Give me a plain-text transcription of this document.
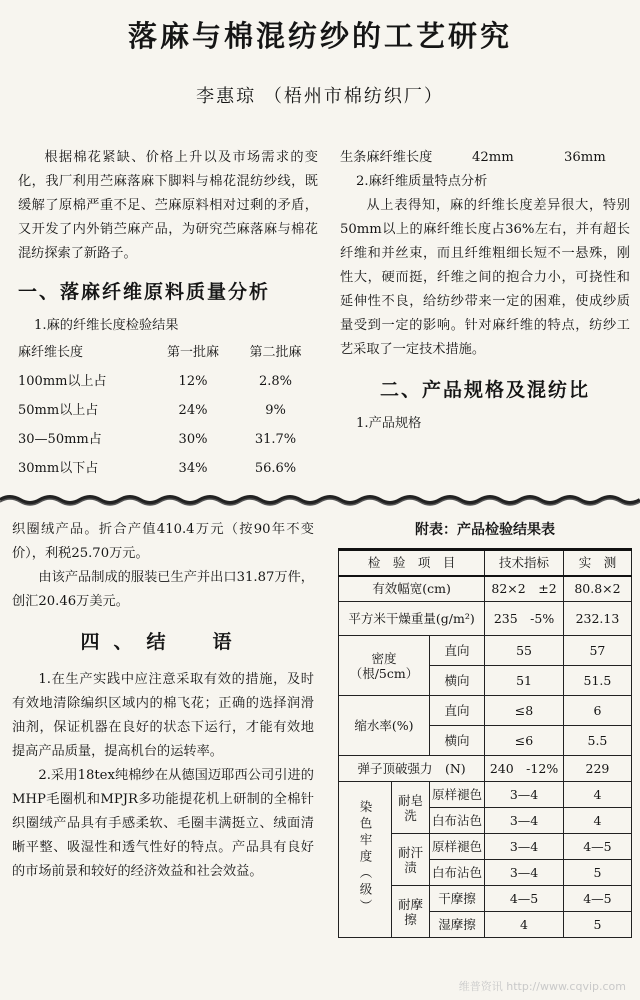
落麻与棉混纺纱的工艺研究
李惠琼 （梧州市棉纺织厂）

根据棉花紧缺、价格上升以及市场需求的变化，我厂利用苎麻落麻下脚料与棉花混纺纱线，既缓解了原棉严重不足、苎麻原料相对过剩的矛盾，又开发了内外销苎麻产品，为研究苎麻落麻与棉花混纺探索了新路子。

一、落麻纤维原料质量分析

1.麻的纤维长度检验结果

麻纤维长度	第一批麻	第二批麻
100mm以上占	12%	2.8%
50mm以上占	24%	9%
30—50mm占	30%	31.7%
30mm以下占	34%	56.6%
生条麻纤维长度	42mm	36mm

2.麻纤维质量特点分析

从上表得知，麻的纤维长度差异很大，特别50mm以上的麻纤维长度占36%左右，并有超长纤维和并丝束，而且纤维粗细长短不一悬殊，刚性大，硬而挺，纤维之间的抱合力小，可挠性和延伸性不良，给纺纱带来一定的困难，使成纱质量受到一定的影响。针对麻纤维的特点，纺纱工艺采取了一定技术措施。

二、产品规格及混纺比

1.产品规格

织圈绒产品。折合产值410.4万元（按90年不变价），利税25.70万元。

由该产品制成的服装已生产并出口31.87万件，创汇20.46万美元。

四、结　语

1.在生产实践中应注意采取有效的措施，及时有效地清除编织区域内的棉飞花；正确的选择润滑油剂，保证机器在良好的状态下运行，才能有效地提高产品质量，提高机台的运转率。

2.采用18tex纯棉纱在从德国迈耶西公司引进的MHP毛圈机和MPJR多功能提花机上研制的全棉针织圈绒产品具有手感柔软、毛圈丰满挺立、绒面清晰平整、吸湿性和透气性好的特点。产品具有良好的市场前景和较好的经济效益和社会效益。

附表：产品检验结果表
检　验　项　目			技术指标	实　测
有效幅宽(cm)			82×2　±2	80.8×2
平方米干燥重量(g/m²)			235　-5%	232.13
密度（根/5cm）		直向	55	57
		横向	51	51.5
缩水率(%)		直向	≤8	6
		横向	≤6	5.5
弹子顶破强力　(N)			240　-12%	229
染色牢度（级）	耐皂洗	原样褪色	3—4	4
		白布沾色	3—4	4
	耐汗渍	原样褪色	3—4	4—5
		白布沾色	3—4	5
	耐摩擦	干摩擦	4—5	4—5
		湿摩擦	4	5
维普资讯 http://www.cqvip.com
